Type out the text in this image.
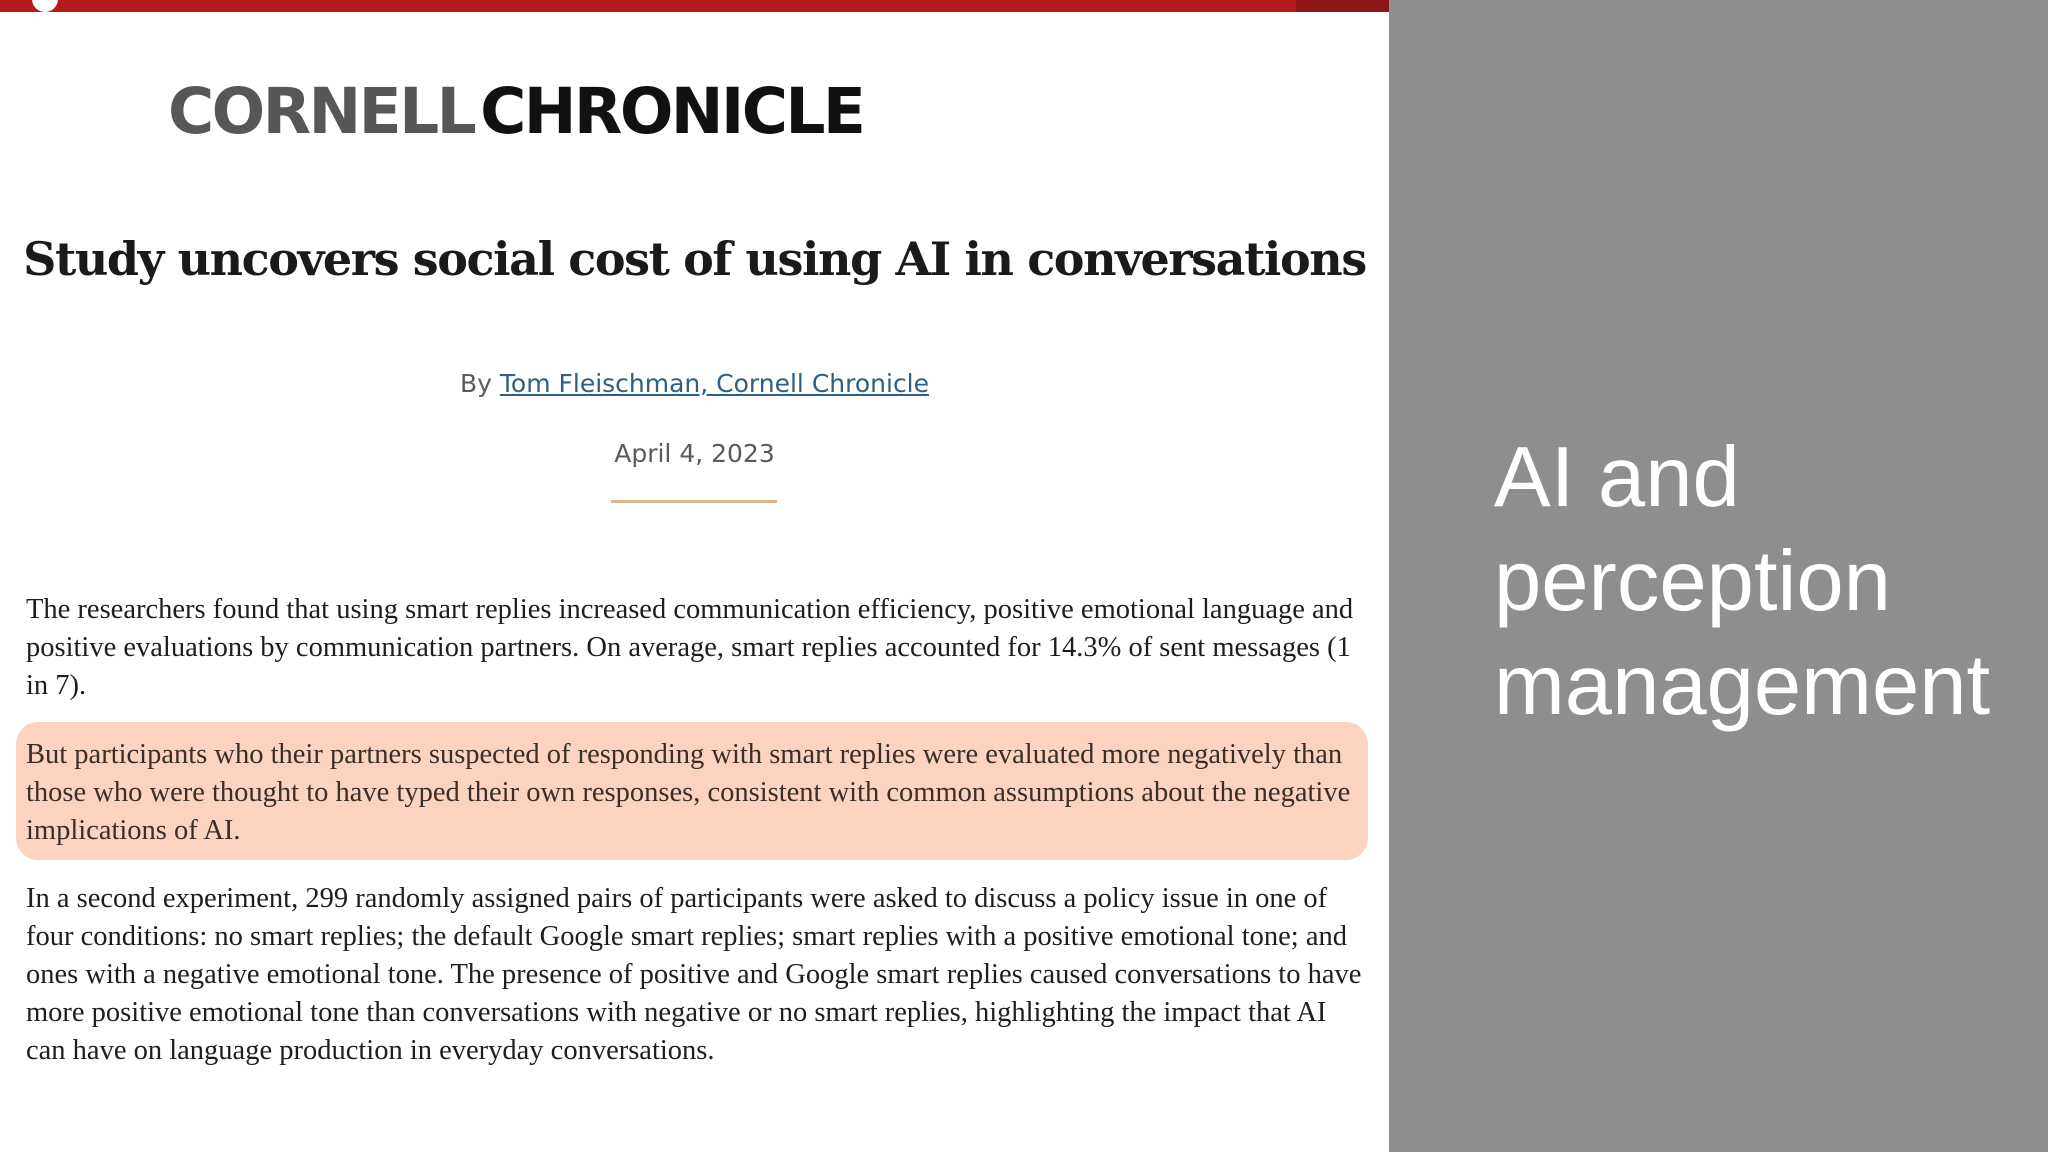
CORNELLCHRONICLE
Study uncovers social cost of using AI in conversations
By Tom Fleischman, Cornell Chronicle
April 4, 2023
The researchers found that using smart replies increased communication efficiency, positive emotional language and positive evaluations by communication partners. On average, smart replies accounted for 14.3% of sent messages (1 in 7).
But participants who their partners suspected of responding with smart replies were evaluated more negatively than those who were thought to have typed their own responses, consistent with common assumptions about the negative implications of AI.
In a second experiment, 299 randomly assigned pairs of participants were asked to discuss a policy issue in one of four conditions: no smart replies; the default Google smart replies; smart replies with a positive emotional tone; and ones with a negative emotional tone. The presence of positive and Google smart replies caused conversations to have more positive emotional tone than conversations with negative or no smart replies, highlighting the impact that AI can have on language production in everyday conversations.
AI and
perception
management
